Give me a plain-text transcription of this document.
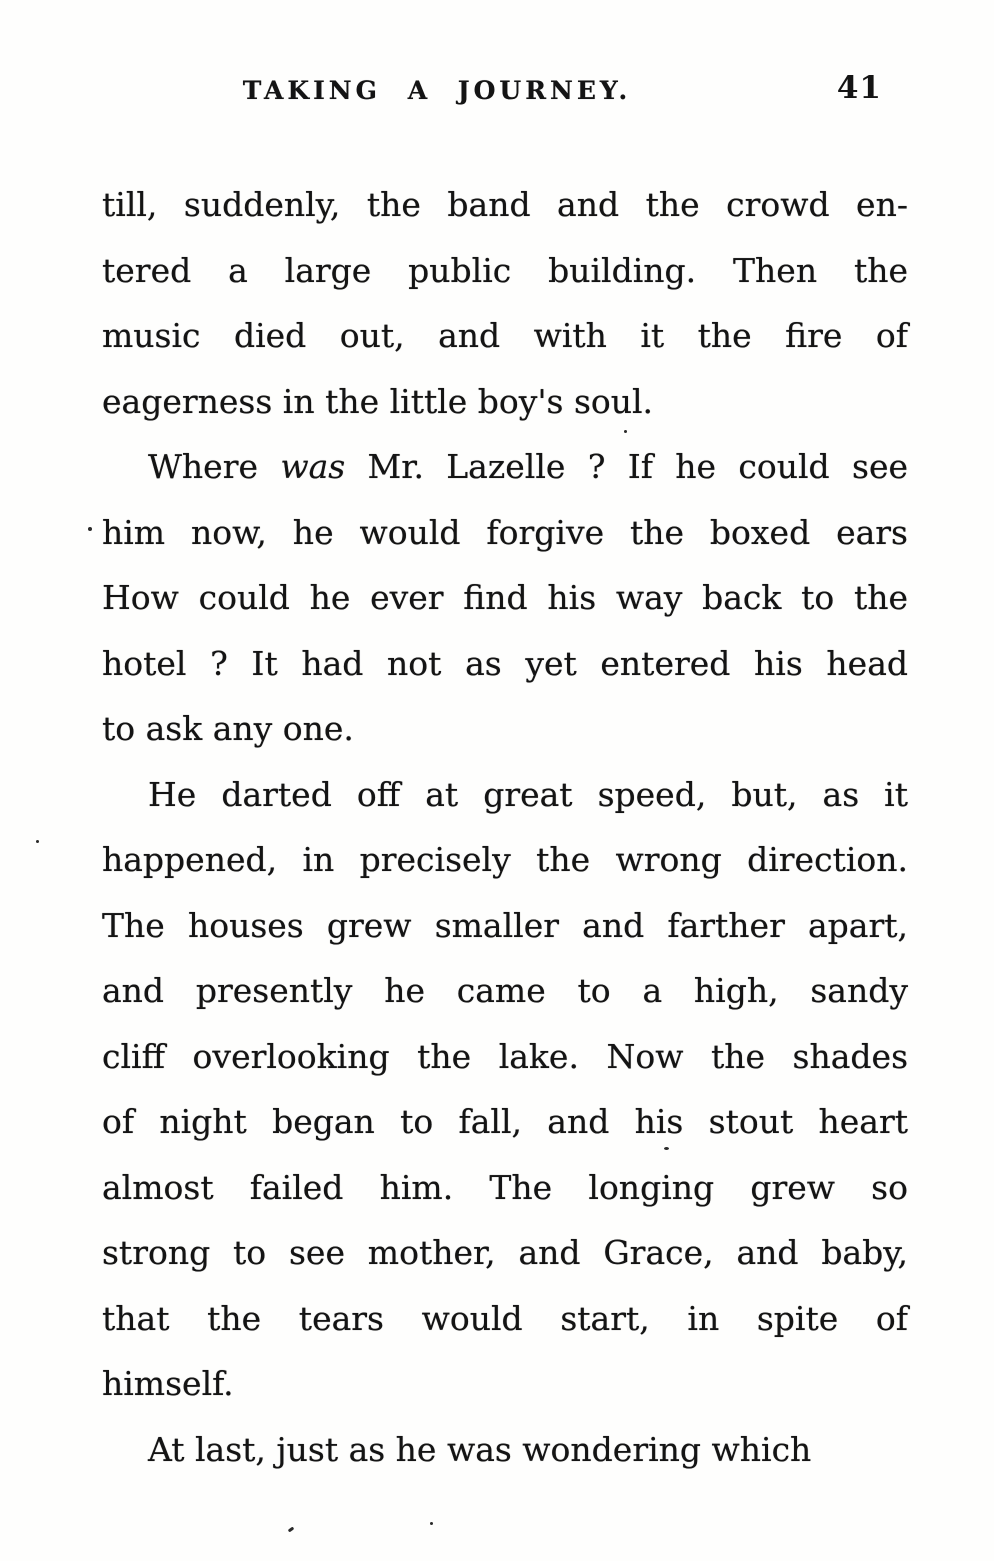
TAKING A JOURNEY.	41
till, suddenly, the band and the crowd en-
tered a large public building. Then the
music died out, and with it the fire of
eagerness in the little boy's soul.
Where was Mr. Lazelle ? If he could see
him now, he would forgive the boxed ears
How could he ever find his way back to the
hotel ? It had not as yet entered his head
to ask any one.
He darted off at great speed, but, as it
happened, in precisely the wrong direction.
The houses grew smaller and farther apart,
and presently he came to a high, sandy
cliff overlooking the lake. Now the shades
of night began to fall, and his stout heart
almost failed him. The longing grew so
strong to see mother, and Grace, and baby,
that the tears would start, in spite of
himself.
At last, just as he was wondering which
